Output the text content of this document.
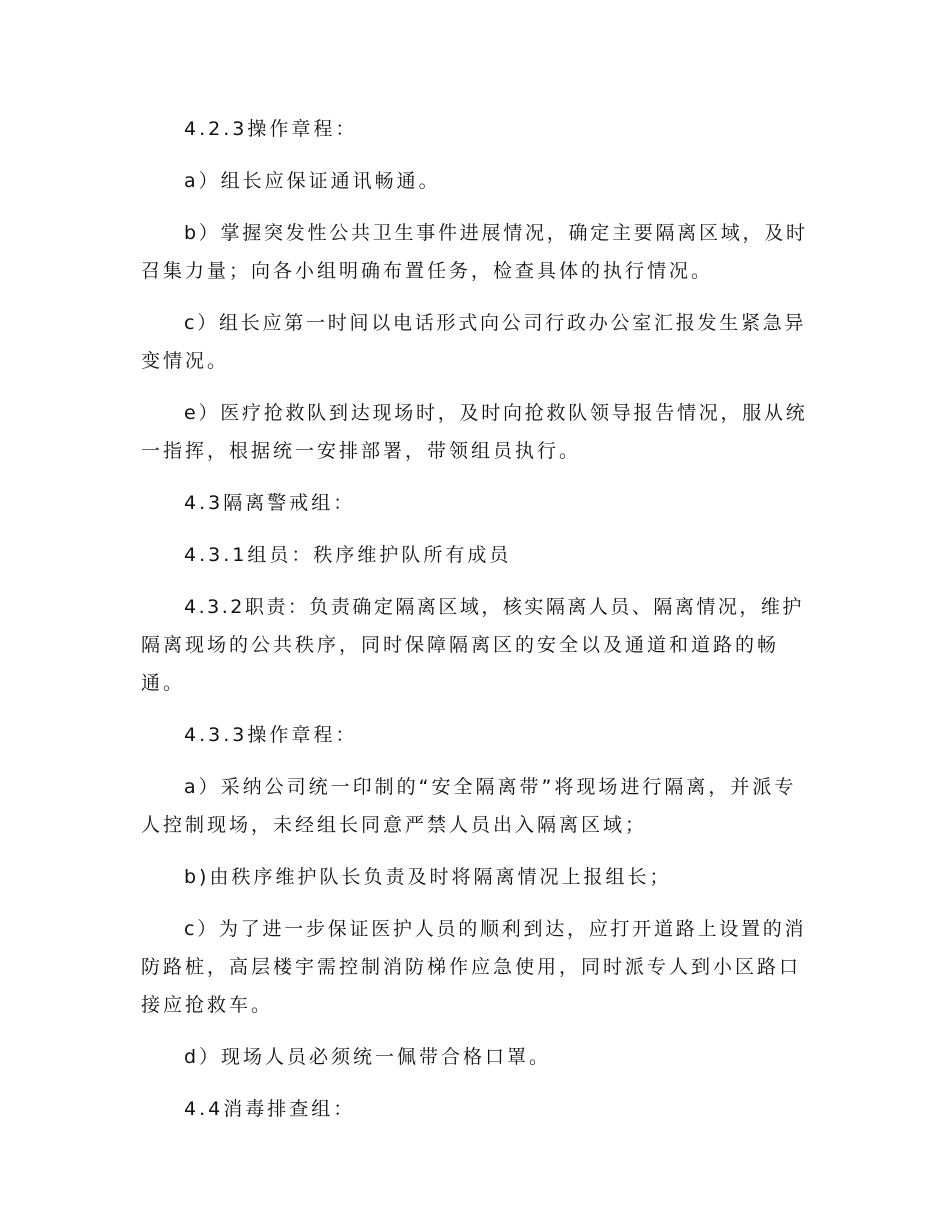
4.2.3操作章程：
a）组长应保证通讯畅通。
b）掌握突发性公共卫生事件进展情况，确定主要隔离区域，及时
召集力量；向各小组明确布置任务，检查具体的执行情况。
c）组长应第一时间以电话形式向公司行政办公室汇报发生紧急异
变情况。
e）医疗抢救队到达现场时，及时向抢救队领导报告情况，服从统
一指挥，根据统一安排部署，带领组员执行。
4.3隔离警戒组：
4.3.1组员：秩序维护队所有成员
4.3.2职责：负责确定隔离区域，核实隔离人员、隔离情况，维护
隔离现场的公共秩序，同时保障隔离区的安全以及通道和道路的畅
通。
4.3.3操作章程：
a）采纳公司统一印制的“安全隔离带”将现场进行隔离，并派专
人控制现场，未经组长同意严禁人员出入隔离区域；
b)由秩序维护队长负责及时将隔离情况上报组长；
c）为了进一步保证医护人员的顺利到达，应打开道路上设置的消
防路桩，高层楼宇需控制消防梯作应急使用，同时派专人到小区路口
接应抢救车。
d）现场人员必须统一佩带合格口罩。
4.4消毒排查组：
